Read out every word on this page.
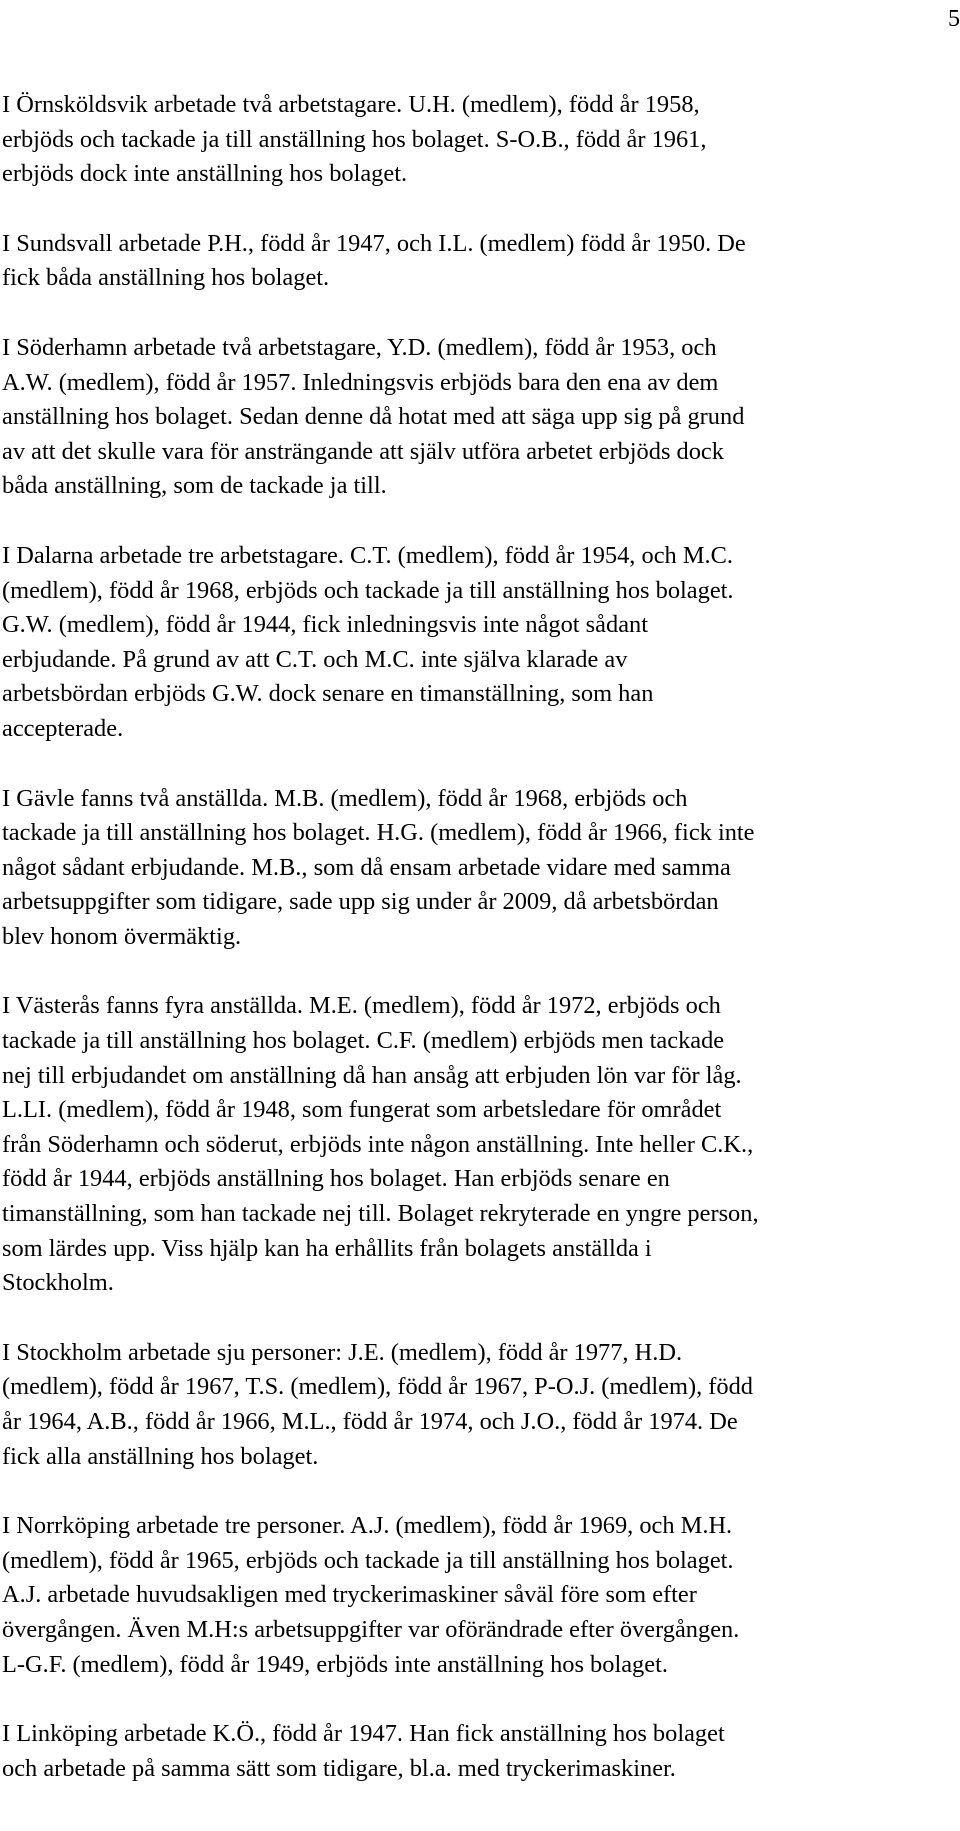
5

I Örnsköldsvik arbetade två arbetstagare. U.H. (medlem), född år 1958,
erbjöds och tackade ja till anställning hos bolaget. S-O.B., född år 1961,
erbjöds dock inte anställning hos bolaget.

I Sundsvall arbetade P.H., född år 1947, och I.L. (medlem) född år 1950. De
fick båda anställning hos bolaget.

I Söderhamn arbetade två arbetstagare, Y.D. (medlem), född år 1953, och
A.W. (medlem), född år 1957. Inledningsvis erbjöds bara den ena av dem
anställning hos bolaget. Sedan denne då hotat med att säga upp sig på grund
av att det skulle vara för ansträngande att själv utföra arbetet erbjöds dock
båda anställning, som de tackade ja till.

I Dalarna arbetade tre arbetstagare. C.T. (medlem), född år 1954, och M.C.
(medlem), född år 1968, erbjöds och tackade ja till anställning hos bolaget.
G.W. (medlem), född år 1944, fick inledningsvis inte något sådant
erbjudande. På grund av att C.T. och M.C. inte själva klarade av
arbetsbördan erbjöds G.W. dock senare en timanställning, som han
accepterade.

I Gävle fanns två anställda. M.B. (medlem), född år 1968, erbjöds och
tackade ja till anställning hos bolaget. H.G. (medlem), född år 1966, fick inte
något sådant erbjudande. M.B., som då ensam arbetade vidare med samma
arbetsuppgifter som tidigare, sade upp sig under år 2009, då arbetsbördan
blev honom övermäktig.

I Västerås fanns fyra anställda. M.E. (medlem), född år 1972, erbjöds och
tackade ja till anställning hos bolaget. C.F. (medlem) erbjöds men tackade
nej till erbjudandet om anställning då han ansåg att erbjuden lön var för låg.
L.LI. (medlem), född år 1948, som fungerat som arbetsledare för området
från Söderhamn och söderut, erbjöds inte någon anställning. Inte heller C.K.,
född år 1944, erbjöds anställning hos bolaget. Han erbjöds senare en
timanställning, som han tackade nej till. Bolaget rekryterade en yngre person,
som lärdes upp. Viss hjälp kan ha erhållits från bolagets anställda i
Stockholm.

I Stockholm arbetade sju personer: J.E. (medlem), född år 1977, H.D.
(medlem), född år 1967, T.S. (medlem), född år 1967, P-O.J. (medlem), född
år 1964, A.B., född år 1966, M.L., född år 1974, och J.O., född år 1974. De
fick alla anställning hos bolaget.

I Norrköping arbetade tre personer. A.J. (medlem), född år 1969, och M.H.
(medlem), född år 1965, erbjöds och tackade ja till anställning hos bolaget.
A.J. arbetade huvudsakligen med tryckerimaskiner såväl före som efter
övergången. Även M.H:s arbetsuppgifter var oförändrade efter övergången.
L-G.F. (medlem), född år 1949, erbjöds inte anställning hos bolaget.

I Linköping arbetade K.Ö., född år 1947. Han fick anställning hos bolaget
och arbetade på samma sätt som tidigare, bl.a. med tryckerimaskiner.
